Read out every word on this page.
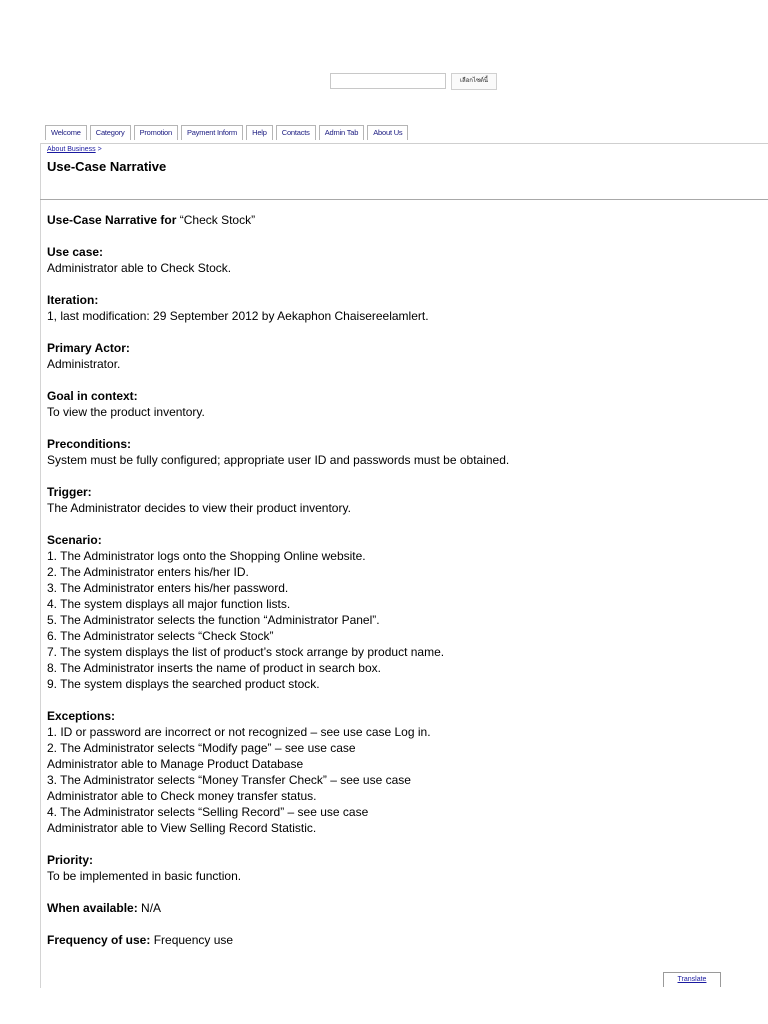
เลือกไซต์นี้
Welcome	Category	Promotion	Payment Inform	Help	Contacts	Admin Tab	About Us
About Business >
Use-Case Narrative
Use-Case Narrative for “Check Stock”
Use case:
Administrator able to Check Stock.
Iteration:
1, last modification: 29 September 2012 by Aekaphon Chaisereelamlert.
Primary Actor:
Administrator.
Goal in context:
To view the product inventory.
Preconditions:
System must be fully configured; appropriate user ID and passwords must be obtained.
Trigger:
The Administrator decides to view their product inventory.
Scenario:
1. The Administrator logs onto the Shopping Online website.
2. The Administrator enters his/her ID.
3. The Administrator enters his/her password.
4. The system displays all major function lists.
5. The Administrator selects the function “Administrator Panel”.
6. The Administrator selects “Check Stock”
7. The system displays the list of product’s stock arrange by product name.
8. The Administrator inserts the name of product in search box.
9. The system displays the searched product stock.
Exceptions:
1. ID or password are incorrect or not recognized – see use case Log in.
2. The Administrator selects “Modify page” – see use case
Administrator able to Manage Product Database
3. The Administrator selects “Money Transfer Check” – see use case
Administrator able to Check money transfer status.
4. The Administrator selects “Selling Record” – see use case
Administrator able to View Selling Record Statistic.
Priority:
To be implemented in basic function.
When available: N/A
Frequency of use: Frequency use
Translate
